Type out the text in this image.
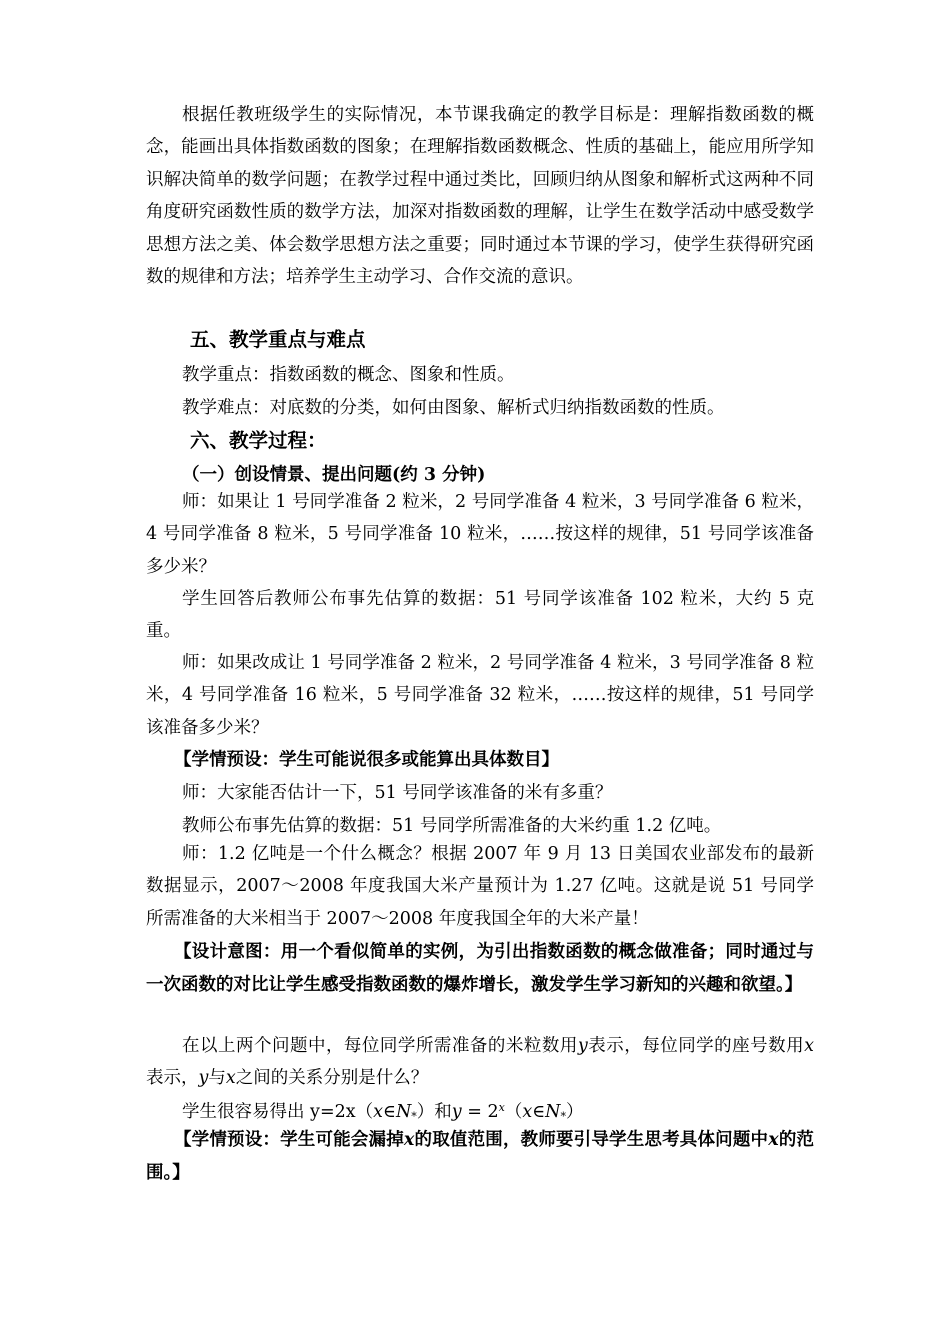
根据任教班级学生的实际情况，本节课我确定的教学目标是：理解指数函数的概念，能画出具体指数函数的图象；在理解指数函数概念、性质的基础上，能应用所学知识解决简单的数学问题；在教学过程中通过类比，回顾归纳从图象和解析式这两种不同角度研究函数性质的数学方法，加深对指数函数的理解，让学生在数学活动中感受数学思想方法之美、体会数学思想方法之重要；同时通过本节课的学习，使学生获得研究函数的规律和方法；培养学生主动学习、合作交流的意识。
五、教学重点与难点
教学重点：指数函数的概念、图象和性质。
教学难点：对底数的分类，如何由图象、解析式归纳指数函数的性质。
六、教学过程：
（一）创设情景、提出问题(约 3 分钟)
师：如果让 1 号同学准备 2 粒米，2 号同学准备 4 粒米，3 号同学准备 6 粒米，4 号同学准备 8 粒米，5 号同学准备 10 粒米，……按这样的规律，51 号同学该准备多少米？
学生回答后教师公布事先估算的数据：51 号同学该准备 102 粒米，大约 5 克重。
师：如果改成让 1 号同学准备 2 粒米，2 号同学准备 4 粒米，3 号同学准备 8 粒米，4 号同学准备 16 粒米，5 号同学准备 32 粒米，……按这样的规律，51 号同学该准备多少米？
【学情预设：学生可能说很多或能算出具体数目】
师：大家能否估计一下，51 号同学该准备的米有多重？
教师公布事先估算的数据：51 号同学所需准备的大米约重 1.2 亿吨。
师：1.2 亿吨是一个什么概念？根据 2007 年 9 月 13 日美国农业部发布的最新数据显示，2007～2008 年度我国大米产量预计为 1.27 亿吨。这就是说 51 号同学所需准备的大米相当于 2007～2008 年度我国全年的大米产量！
【设计意图：用一个看似简单的实例，为引出指数函数的概念做准备；同时通过与一次函数的对比让学生感受指数函数的爆炸增长，激发学生学习新知的兴趣和欲望。】
在以上两个问题中，每位同学所需准备的米粒数用y表示，每位同学的座号数用x表示，y与x之间的关系分别是什么？
学生很容易得出 $y=2x(x\in N_*)$和$y = 2^x(x\in N_*)$
【学情预设：学生可能会漏掉x的取值范围，教师要引导学生思考具体问题中x的范围。】
